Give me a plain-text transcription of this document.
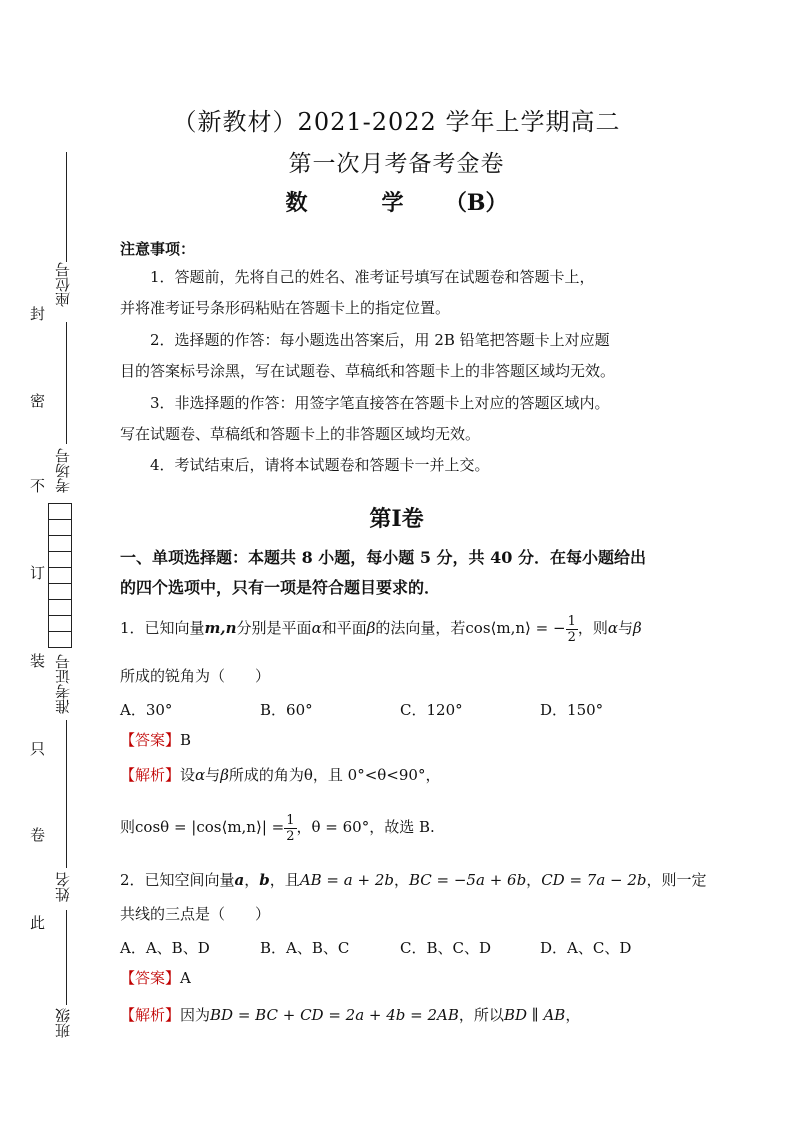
座位号
考场号
准考证号
姓名
班级
封
密
不
订
装
只
卷
此
（新教材）2021-2022 学年上学期高二
第一次月考备考金卷
数　学 （B）
注意事项：
1．答题前，先将自己的姓名、准考证号填写在试题卷和答题卡上，
并将准考证号条形码粘贴在答题卡上的指定位置。
2．选择题的作答：每小题选出答案后，用 2B 铅笔把答题卡上对应题
目的答案标号涂黑，写在试题卷、草稿纸和答题卡上的非答题区域均无效。
3．非选择题的作答：用签字笔直接答在答题卡上对应的答题区域内。
写在试题卷、草稿纸和答题卡上的非答题区域均无效。
4．考试结束后，请将本试题卷和答题卡一并上交。
第Ⅰ卷
一、单项选择题：本题共 8 小题，每小题 5 分，共 40 分．在每小题给出
的四个选项中，只有一项是符合题目要求的．
1．已知向量m,n分别是平面α和平面β的法向量，若cos⟨m,n⟩ = − $\frac{1}{2}$ ，则α与β
所成的锐角为（　　）
A．30°	B．60°	C．120°	D．150°
【答案】B
【解析】设α与β所成的角为θ，且 0°<θ<90°，
则cosθ = |cos⟨m,n⟩| = $\frac{1}{2}$ ，θ = 60°，故选 B.
2．已知空间向量a，b，且AB = a + 2b，BC = −5a + 6b，CD = 7a − 2b，则一定
共线的三点是（　　）
A．A、B、D	B．A、B、C	C．B、C、D	D．A、C、D
【答案】A
【解析】因为BD = BC + CD = 2a + 4b = 2AB，所以BD ∥ AB，
